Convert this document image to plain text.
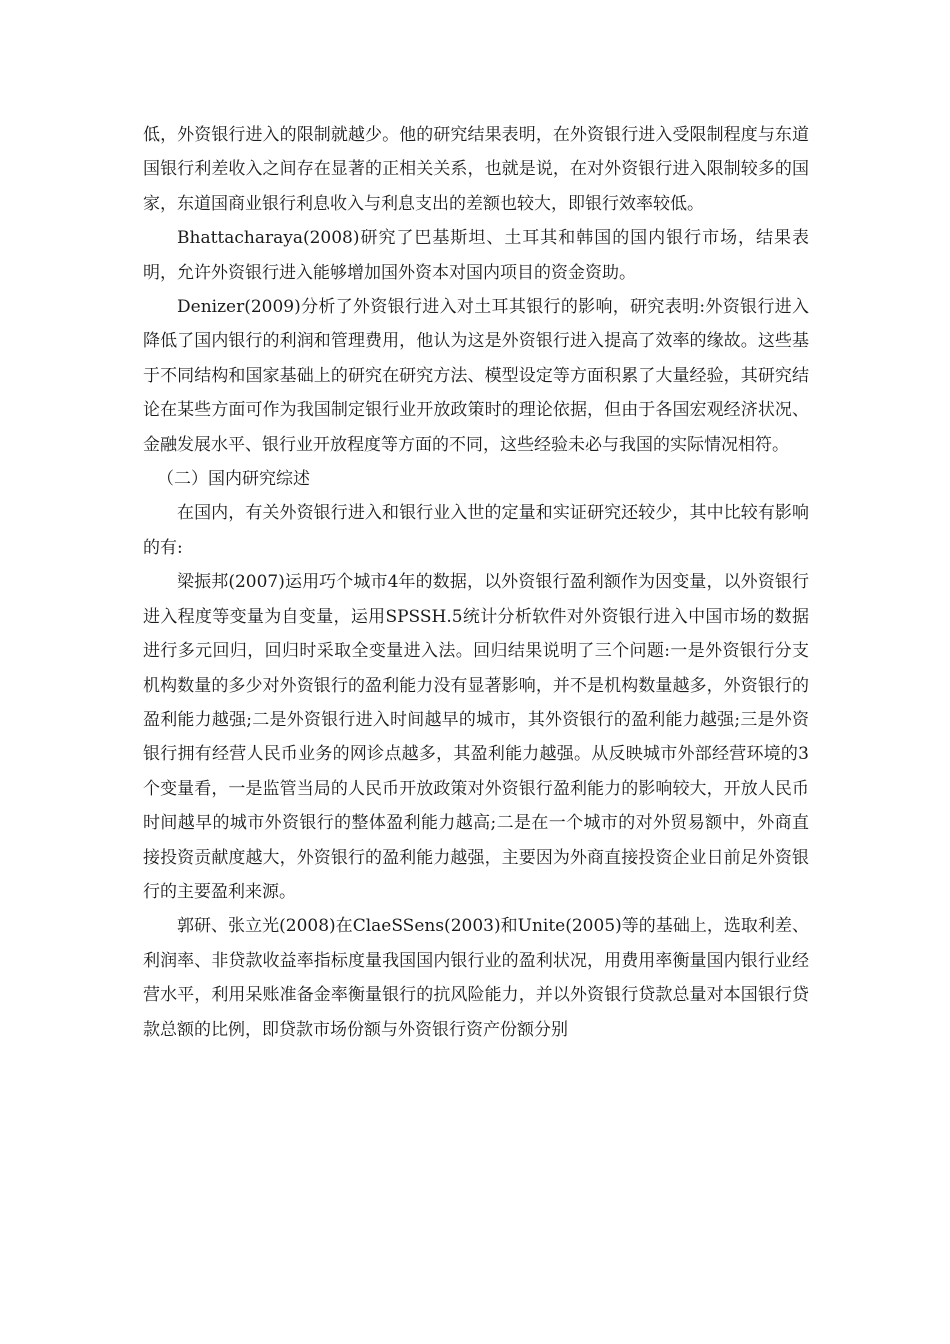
低，外资银行进入的限制就越少。他的研究结果表明，在外资银行进入受限制程度与东道国银行利差收入之间存在显著的正相关关系，也就是说，在对外资银行进入限制较多的国家，东道国商业银行利息收入与利息支出的差额也较大，即银行效率较低。

Bhattacharaya(2008)研究了巴基斯坦、土耳其和韩国的国内银行市场，结果表明，允许外资银行进入能够增加国外资本对国内项目的资金资助。

Denizer(2009)分析了外资银行进入对土耳其银行的影响，研究表明:外资银行进入降低了国内银行的利润和管理费用，他认为这是外资银行进入提高了效率的缘故。这些基于不同结构和国家基础上的研究在研究方法、模型设定等方面积累了大量经验，其研究结论在某些方面可作为我国制定银行业开放政策时的理论依据，但由于各国宏观经济状况、金融发展水平、银行业开放程度等方面的不同，这些经验未必与我国的实际情况相符。

（二）国内研究综述

在国内，有关外资银行进入和银行业入世的定量和实证研究还较少，其中比较有影响的有:

梁振邦(2007)运用巧个城市4年的数据，以外资银行盈利额作为因变量，以外资银行进入程度等变量为自变量，运用SPSSH.5统计分析软件对外资银行进入中国市场的数据进行多元回归，回归时采取全变量进入法。回归结果说明了三个问题:一是外资银行分支机构数量的多少对外资银行的盈利能力没有显著影响，并不是机构数量越多，外资银行的盈利能力越强;二是外资银行进入时间越早的城市，其外资银行的盈利能力越强;三是外资银行拥有经营人民币业务的网诊点越多，其盈利能力越强。从反映城市外部经营环境的3个变量看，一是监管当局的人民币开放政策对外资银行盈利能力的影响较大，开放人民币时间越早的城市外资银行的整体盈利能力越高;二是在一个城市的对外贸易额中，外商直接投资贡献度越大，外资银行的盈利能力越强，主要因为外商直接投资企业日前足外资银行的主要盈利来源。

郭研、张立光(2008)在ClaeSSens(2003)和Unite(2005)等的基础上，选取利差、利润率、非贷款收益率指标度量我国国内银行业的盈利状况，用费用率衡量国内银行业经营水平，利用呆账准备金率衡量银行的抗风险能力，并以外资银行贷款总量对本国银行贷款总额的比例，即贷款市场份额与外资银行资产份额分别
